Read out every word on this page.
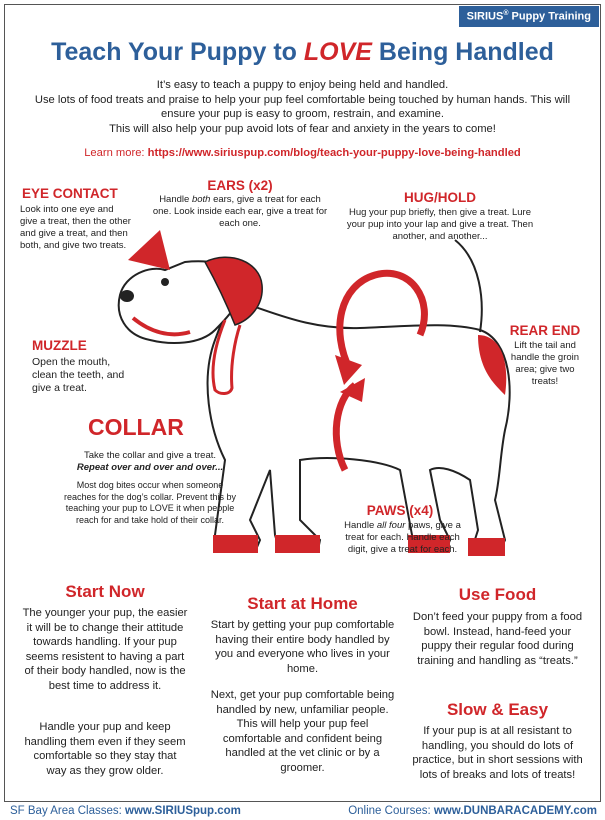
SIRIUS® Puppy Training
Teach Your Puppy to LOVE Being Handled
It’s easy to teach a puppy to enjoy being held and handled.
Use lots of food treats and praise to help your pup feel comfortable being touched by human hands. This will ensure your pup is easy to groom, restrain, and examine.
This will also help your pup avoid lots of fear and anxiety in the years to come!
Learn more: https://www.siriuspup.com/blog/teach-your-puppy-love-being-handled
EYE CONTACT
Look into one eye and give a treat, then the other and give a treat, and then both, and give two treats.
EARS (x2)
Handle both ears, give a treat for each one. Look inside each ear, give a treat for each one.
HUG/HOLD
Hug your pup briefly, then give a treat. Lure your pup into your lap and give a treat. Then another, and another...
MUZZLE
Open the mouth, clean the teeth, and give a treat.
REAR END
Lift the tail and handle the groin area; give two treats!
COLLAR
Take the collar and give a treat.
Repeat over and over and over...
Most dog bites occur when someone reaches for the dog’s collar. Prevent this by teaching your pup to LOVE it when people reach for and take hold of their collar.
PAWS (x4)
Handle all four paws, give a treat for each. Handle each digit, give a treat for each.
Start Now
The younger your pup, the easier it will be to change their attitude towards handling. If your pup seems resistent to having a part of their body handled, now is the best time to address it.
Handle your pup and keep handling them even if they seem comfortable so they stay that way as they grow older.
Start at Home
Start by getting your pup comfortable having their entire body handled by you and everyone who lives in your home.
Next, get your pup comfortable being handled by new, unfamiliar people. This will help your pup feel comfortable and confident being handled at the vet clinic or by a groomer.
Use Food
Don’t feed your puppy from a food bowl. Instead, hand-feed your puppy their regular food during training and handling as “treats.”
Slow & Easy
If your pup is at all resistant to handling, you should do lots of practice, but in short sessions with lots of breaks and lots of treats!
SF Bay Area Classes: www.SIRIUSpup.com	Online Courses: www.DUNBARACADEMY.com
